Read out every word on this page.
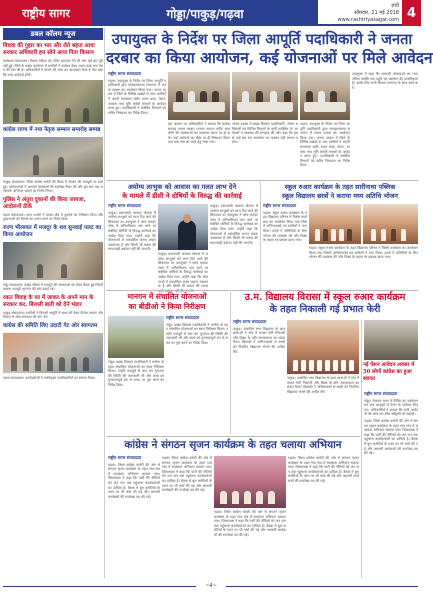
राष्ट्रीय सागर	गोड्डा/पाकुड़/गढ़वा
रांची
सोमवार, 21 मई 2018
www.rashtriyasagar.com 4
डबल कॉलम न्यूज
विधवा की गुहार का भार और लेते बहता आया सरकार अधिकारी हम सोने आज पिता किसान
चाईबासा संवाददाता। विधवा महिला को उचित सहायता देने की मांग कई बार पूरी नहीं हुई। जिले के प्रखंड कार्यालय में ग्रामीणों ने आवेदन देकर राशन कार्ड तथा पेंशन की मांग की है। अधिकारियों ने मामले की जांच का आश्वासन दिया है और कहा कि जल्द कार्रवाई होगी।
कांग्रेस राज्य में नया नेतृत्व सम्मान समारोह सम्पन्न
पाकुड़ संवाददाता। जिला कांग्रेस कमेटी की बैठक में संगठन की मजबूती पर चर्चा हुई। कार्यकर्ताओं ने आगामी कार्यक्रमों की रूपरेखा तैयार की और बूथ स्तर तक जनसंपर्क अभियान चलाने का निर्णय लिया।
पुलिस ने अंतुरा दुकानों की किया जायजा, आंदोलनों ठीकें
गढ़वा संवाददाता। थाना प्रभारी ने बाजार क्षेत्र में दुकानों का निरीक्षण किया और दुकानदारों को नियमों का पालन करने का निर्देश दिया।
राज्य भीलायत में मजदूर के शव सुनवाई पलट का किया आयोजन
गोड्डा संवाददाता। प्रखंड परिसर में मजदूरों की समस्याओं को लेकर बैठक हुई जिसमें बकाया मजदूरी भुगतान की मांग उठाई गई।
रकत विवाह के घर में जाकर के अपने मान के सरकार कर, बिजली बाती को देने भंडार
पाकुड़ संवाददाता। ग्रामीणों ने बिजली आपूर्ति में बाधा को लेकर विरोध जताया और विभाग से शीघ्र समाधान की मांग की।
कांग्रेस की समिति लिए उदाटी गेट ओर स्वागतम
गढ़वा संवाददाता। कार्यकर्ताओं ने नवनियुक्त पदाधिकारियों का स्वागत किया।
उपायुक्त के निर्देश पर जिला आपूर्ति पदाधिकारी ने जनता
दरबार का किया आयोजन, कई योजनाओं पर मिले आवेदन
राष्ट्रीय सागर संवाददाता
गढ़वा। उपायुक्त के निर्देश पर जिला आपूर्ति पदाधिकारी द्वारा समाहरणालय सभागार में जनता दरबार का आयोजन किया गया। जनता दरबार में जिले के विभिन्न प्रखंडों से आए ग्रामीणों ने अपनी समस्याएं रखीं। राशन कार्ड, पेंशन, आवास तथा भूमि संबंधी मामलों के आवेदन प्राप्त हुए। पदाधिकारी ने संबंधित विभागों को त्वरित निष्पादन का निर्देश दिया।
इस अवसर पर अधिकारियों ने बताया कि प्रत्येक सप्ताह जनता दरबार लगाया जाएगा ताकि आम लोगों की समस्याओं का समाधान समय पर हो सके। कई आवेदनों का मौके पर ही निष्पादन किया गया तथा शेष को जांच हेतु भेजा गया।
जनता दरबार में प्रखंड विकास पदाधिकारी, अंचल अधिकारी एवं विभिन्न विभागों के कर्मी उपस्थित थे। आवेदकों ने व्यवस्था की सराहना की और कहा कि इससे उन्हें बार बार कार्यालय का चक्कर नहीं लगाना पड़ेगा।
उपायुक्त ने कहा कि सरकारी योजनाओं का लाभ अंतिम व्यक्ति तक पहुंचे यह प्रशासन की प्राथमिकता है। इसके लिए सभी विभाग समन्वय के साथ कार्य करें।
गढ़वा। उपायुक्त के निर्देश पर जिला आपूर्ति पदाधिकारी द्वारा समाहरणालय सभागार में जनता दरबार का आयोजन किया गया। जनता दरबार में जिले के विभिन्न प्रखंडों से आए ग्रामीणों ने अपनी समस्याएं रखीं। राशन कार्ड, पेंशन, आवास तथा भूमि संबंधी मामलों के आवेदन प्राप्त हुए। पदाधिकारी ने संबंधित विभागों को त्वरित निष्पादन का निर्देश दिया।
अयोग्य लाभुक को आवास का गलत लाभ देने
के मामले में डीसी ने दोषियों के विरुद्ध की कार्रवाई
राष्ट्रीय सागर संवाददाता
पाकुड़। प्रधानमंत्री आवास योजना में अयोग्य लाभुकों को लाभ दिए जाने की शिकायत पर उपायुक्त ने जांच कराई। जांच में अनियमितता पाए जाने पर संबंधित कर्मियों के विरुद्ध कार्रवाई का आदेश दिया गया। उन्होंने कहा कि योजनाओं में पारदर्शिता बनाए रखना आवश्यक है और किसी भी प्रकार की लापरवाही बर्दाश्त नहीं की जाएगी।
पाकुड़। प्रधानमंत्री आवास योजना में अयोग्य लाभुकों को लाभ दिए जाने की शिकायत पर उपायुक्त ने जांच कराई। जांच में अनियमितता पाए जाने पर संबंधित कर्मियों के विरुद्ध कार्रवाई का आदेश दिया गया। उन्होंने कहा कि योजनाओं में पारदर्शिता बनाए रखना आवश्यक है और किसी भी प्रकार की लापर
पाकुड़। प्रधानमंत्री आवास योजना में अयोग्य लाभुकों को लाभ दिए जाने की शिकायत पर उपायुक्त ने जांच कराई। जांच में अनियमितता पाए जाने पर संबंधित कर्मियों के विरुद्ध कार्रवाई का आदेश दिया गया। उन्होंने कहा कि योजनाओं में पारदर्शिता बनाए रखना आवश्यक है और किसी भी प्रकार की लापरवाही बर्दाश्त नहीं की जाएगी।
स्कूल रुआर कार्यक्रम के तहत सारीनाथा पब्लिक
स्कूल विद्यालय छात्रों ने कराया मध्य अतिथि भोजन
राष्ट्रीय सागर संवाददाता
गढ़वा। स्कूल रुआर कार्यक्रम के तहत विद्यालय परिसर में विशेष कार्यक्रम का आयोजन किया गया जिसमें अभिभावकों एवं ग्रामीणों ने भाग लिया। छात्रों ने अतिथियों के लिए भोजन की व्यवस्था की और शिक्षा के महत्व पर प्रकाश डाला गया।
गढ़वा। स्कूल रुआर कार्यक्रम के तहत विद्यालय परिसर में विशेष कार्यक्रम का आयोजन किया गया जिसमें अभिभावकों एवं ग्रामीणों ने भाग लिया। छात्रों ने अतिथियों के लिए भोजन की व्यवस्था की और शिक्षा के महत्व पर प्रकाश डाला गया।
मानगन में संचालित योजनाओं
का बीडीओ ने किया निरीक्षण
राष्ट्रीय सागर संवाददाता
गोड्डा। प्रखंड विकास पदाधिकारी ने मनरेगा के तहत संचालित योजनाओं का स्थल निरीक्षण किया। उन्होंने मजदूरों से बात कर भुगतान की स्थिति की जानकारी ली और कार्य को गुणवत्तापूर्ण ढंग से समय पर पूरा करने का निर्देश दिया।
गोड्डा। प्रखंड विकास पदाधिकारी ने मनरेगा के तहत संचालित योजनाओं का स्थल निरीक्षण किया। उन्होंने मजदूरों से बात कर भुगतान की स्थिति की जानकारी ली और कार्य को गुणवत्तापूर्ण ढंग से समय पर पूरा करने का निर्देश दिया।
उ.म. विद्यालय विरासा में स्कूल रुआर कार्यक्रम
के तहत निकाली गई प्रभात फेरी
राष्ट्रीय सागर संवाददाता
पाकुड़। उत्क्रमित मध्य विद्यालय के छात्र छात्राओं ने गांव में प्रभात फेरी निकाली और शिक्षा के प्रति जागरूकता का संदेश दिया। शिक्षकों ने अभिभावकों से बच्चों को नियमित विद्यालय भेजने की अपील की।
पाकुड़। उत्क्रमित मध्य विद्यालय के छात्र छात्राओं ने गांव में प्रभात फेरी निकाली और शिक्षा के प्रति जागरूकता का संदेश दिया। शिक्षकों ने अभिभावकों से बच्चों को नियमित विद्यालय भेजने की अपील की।
नई पेंशन आवेदन अवसर में 50 लोगों कांग्रेस का हुआ स्वागत
राष्ट्रीय सागर संवाददाता
गोड्डा। पंचायत भवन में शिविर का आयोजन कर पात्र लाभुकों से पेंशन के आवेदन लिए गए। अधिकारियों ने बताया कि सभी आवेदनों की जांच कर शीघ्र स्वीकृति दी जाएगी।
गढ़वा। जिला कांग्रेस कमेटी की ओर से संगठन सृजन कार्यक्रम के तहत गांव गांव में सदस्यता अभियान चलाया गया। जिलाध्यक्ष ने कहा कि पार्टी की नीतियों को जन जन तक पहुंचाना कार्यकर्ताओं का दायित्व है। बैठक में बूथ कमेटियों के गठन पर भी चर्चा की गई और आगामी कार्यक्रमों की रूपरेखा तय की गई।
कांग्रेस ने संगठन सृजन कार्यक्रम के तहत चलाया अभियान
राष्ट्रीय सागर संवाददाता
गढ़वा। जिला कांग्रेस कमेटी की ओर से संगठन सृजन कार्यक्रम के तहत गांव गांव में सदस्यता अभियान चलाया गया। जिलाध्यक्ष ने कहा कि पार्टी की नीतियों को जन जन तक पहुंचाना कार्यकर्ताओं का दायित्व है। बैठक में बूथ कमेटियों के गठन पर भी चर्चा की गई और आगामी कार्यक्रमों की रूपरेखा तय की गई।
गढ़वा। जिला कांग्रेस कमेटी की ओर से संगठन सृजन कार्यक्रम के तहत गांव गांव में सदस्यता अभियान चलाया गया। जिलाध्यक्ष ने कहा कि पार्टी की नीतियों को जन जन तक पहुंचाना कार्यकर्ताओं का दायित्व है। बैठक में बूथ कमेटियों के गठन पर भी चर्चा की गई और आगामी कार्यक्रमों की रूपरेखा तय की गई।
गढ़वा। जिला कांग्रेस कमेटी की ओर से संगठन सृजन कार्यक्रम के तहत गांव गांव में सदस्यता अभियान चलाया गया। जिलाध्यक्ष ने कहा कि पार्टी की नीतियों को जन जन तक पहुंचाना कार्यकर्ताओं का दायित्व है। बैठक में बूथ कमेटियों के गठन पर भी चर्चा की गई और आगामी कार्यक्रमों की रूपरेखा तय की गई।
गढ़वा। जिला कांग्रेस कमेटी की ओर से संगठन सृजन कार्यक्रम के तहत गांव गांव में सदस्यता अभियान चलाया गया। जिलाध्यक्ष ने कहा कि पार्टी की नीतियों को जन जन तक पहुंचाना कार्यकर्ताओं का दायित्व है। बैठक में बूथ कमेटियों के गठन पर भी चर्चा की गई और आगामी कार्यक्रमों की रूपरेखा तय की गई।
~4~
